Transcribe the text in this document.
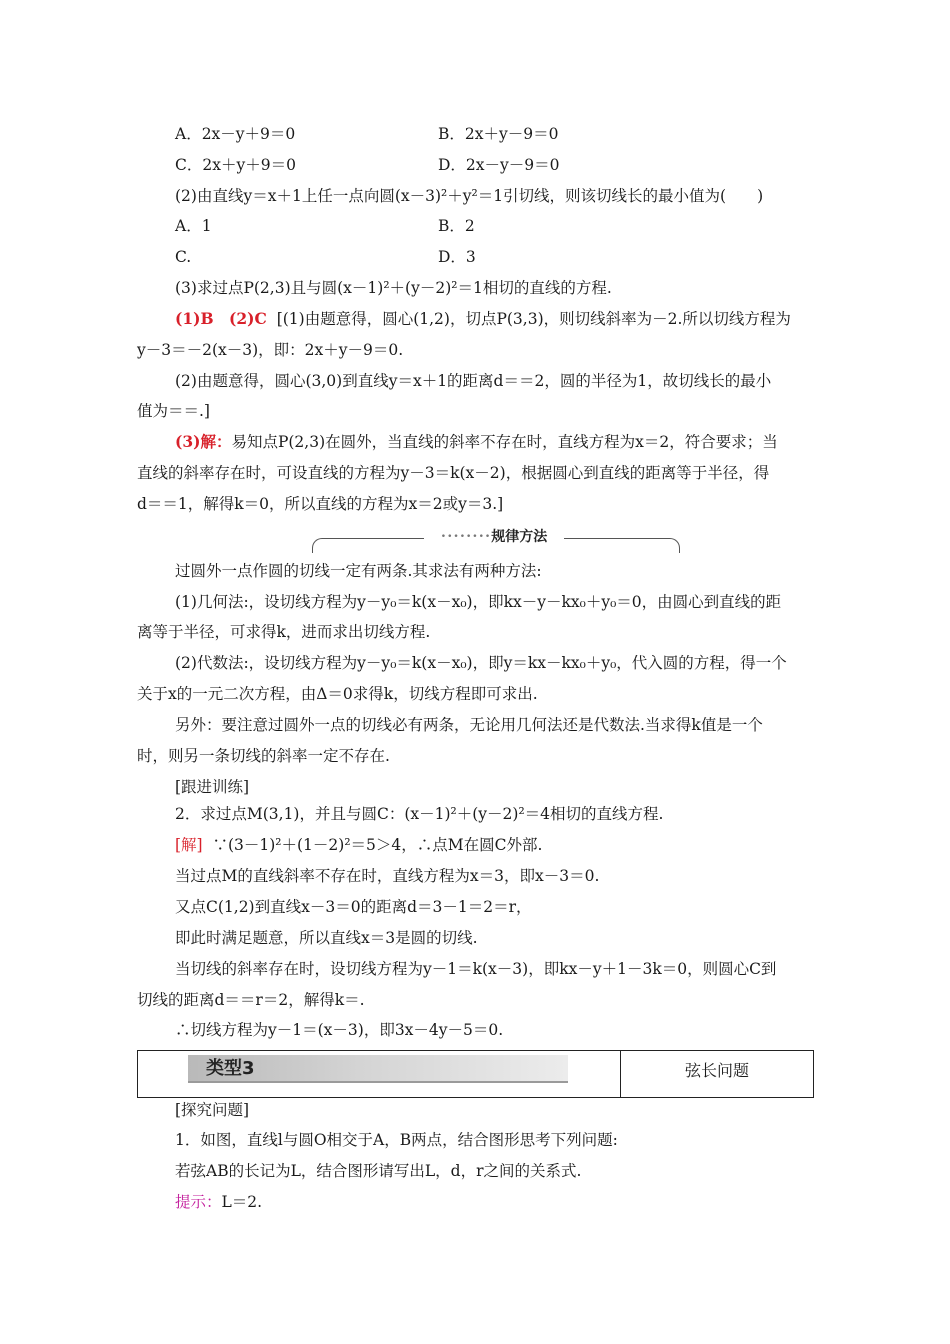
A．2x－y＋9＝0	B．2x＋y－9＝0
C．2x＋y＋9＝0	D．2x－y－9＝0
(2)由直线y＝x＋1上任一点向圆(x－3)²＋y²＝1引切线，则该切线长的最小值为(　　)
A．1	B．2
C.	D．3
(3)求过点P(2,3)且与圆(x－1)²＋(y－2)²＝1相切的直线的方程.
(1)B　(2)C [(1)由题意得，圆心(1,2)，切点P(3,3)，则切线斜率为－2.所以切线方程为
y－3＝－2(x－3)，即：2x＋y－9＝0.
(2)由题意得，圆心(3,0)到直线y＝x＋1的距离d＝＝2，圆的半径为1，故切线长的最小
值为＝＝.]
(3)解：易知点P(2,3)在圆外，当直线的斜率不存在时，直线方程为x＝2，符合要求；当
直线的斜率存在时，可设直线的方程为y－3＝k(x－2)，根据圆心到直线的距离等于半径，得
d＝＝1，解得k＝0，所以直线的方程为x＝2或y＝3.]
••••••••规律方法
过圆外一点作圆的切线一定有两条.其求法有两种方法:
(1)几何法:，设切线方程为y－y₀＝k(x－x₀)，即kx－y－kx₀＋y₀＝0，由圆心到直线的距
离等于半径，可求得k，进而求出切线方程.
(2)代数法:，设切线方程为y－y₀＝k(x－x₀)，即y＝kx－kx₀＋y₀，代入圆的方程，得一个
关于x的一元二次方程，由Δ＝0求得k，切线方程即可求出.
另外：要注意过圆外一点的切线必有两条，无论用几何法还是代数法.当求得k值是一个
时，则另一条切线的斜率一定不存在.
[跟进训练]
2．求过点M(3,1)，并且与圆C：(x－1)²＋(y－2)²＝4相切的直线方程.
[解] ∵(3－1)²＋(1－2)²＝5＞4，∴点M在圆C外部.
当过点M的直线斜率不存在时，直线方程为x＝3，即x－3＝0.
又点C(1,2)到直线x－3＝0的距离d＝3－1＝2＝r，
即此时满足题意，所以直线x＝3是圆的切线.
当切线的斜率存在时，设切线方程为y－1＝k(x－3)，即kx－y＋1－3k＝0，则圆心C到
切线的距离d＝＝r＝2，解得k＝.
∴切线方程为y－1＝(x－3)，即3x－4y－5＝0.
类型3	弦长问题
[探究问题]
1．如图，直线l与圆O相交于A，B两点，结合图形思考下列问题:
若弦AB的长记为L，结合图形请写出L，d，r之间的关系式.
提示：L＝2.
